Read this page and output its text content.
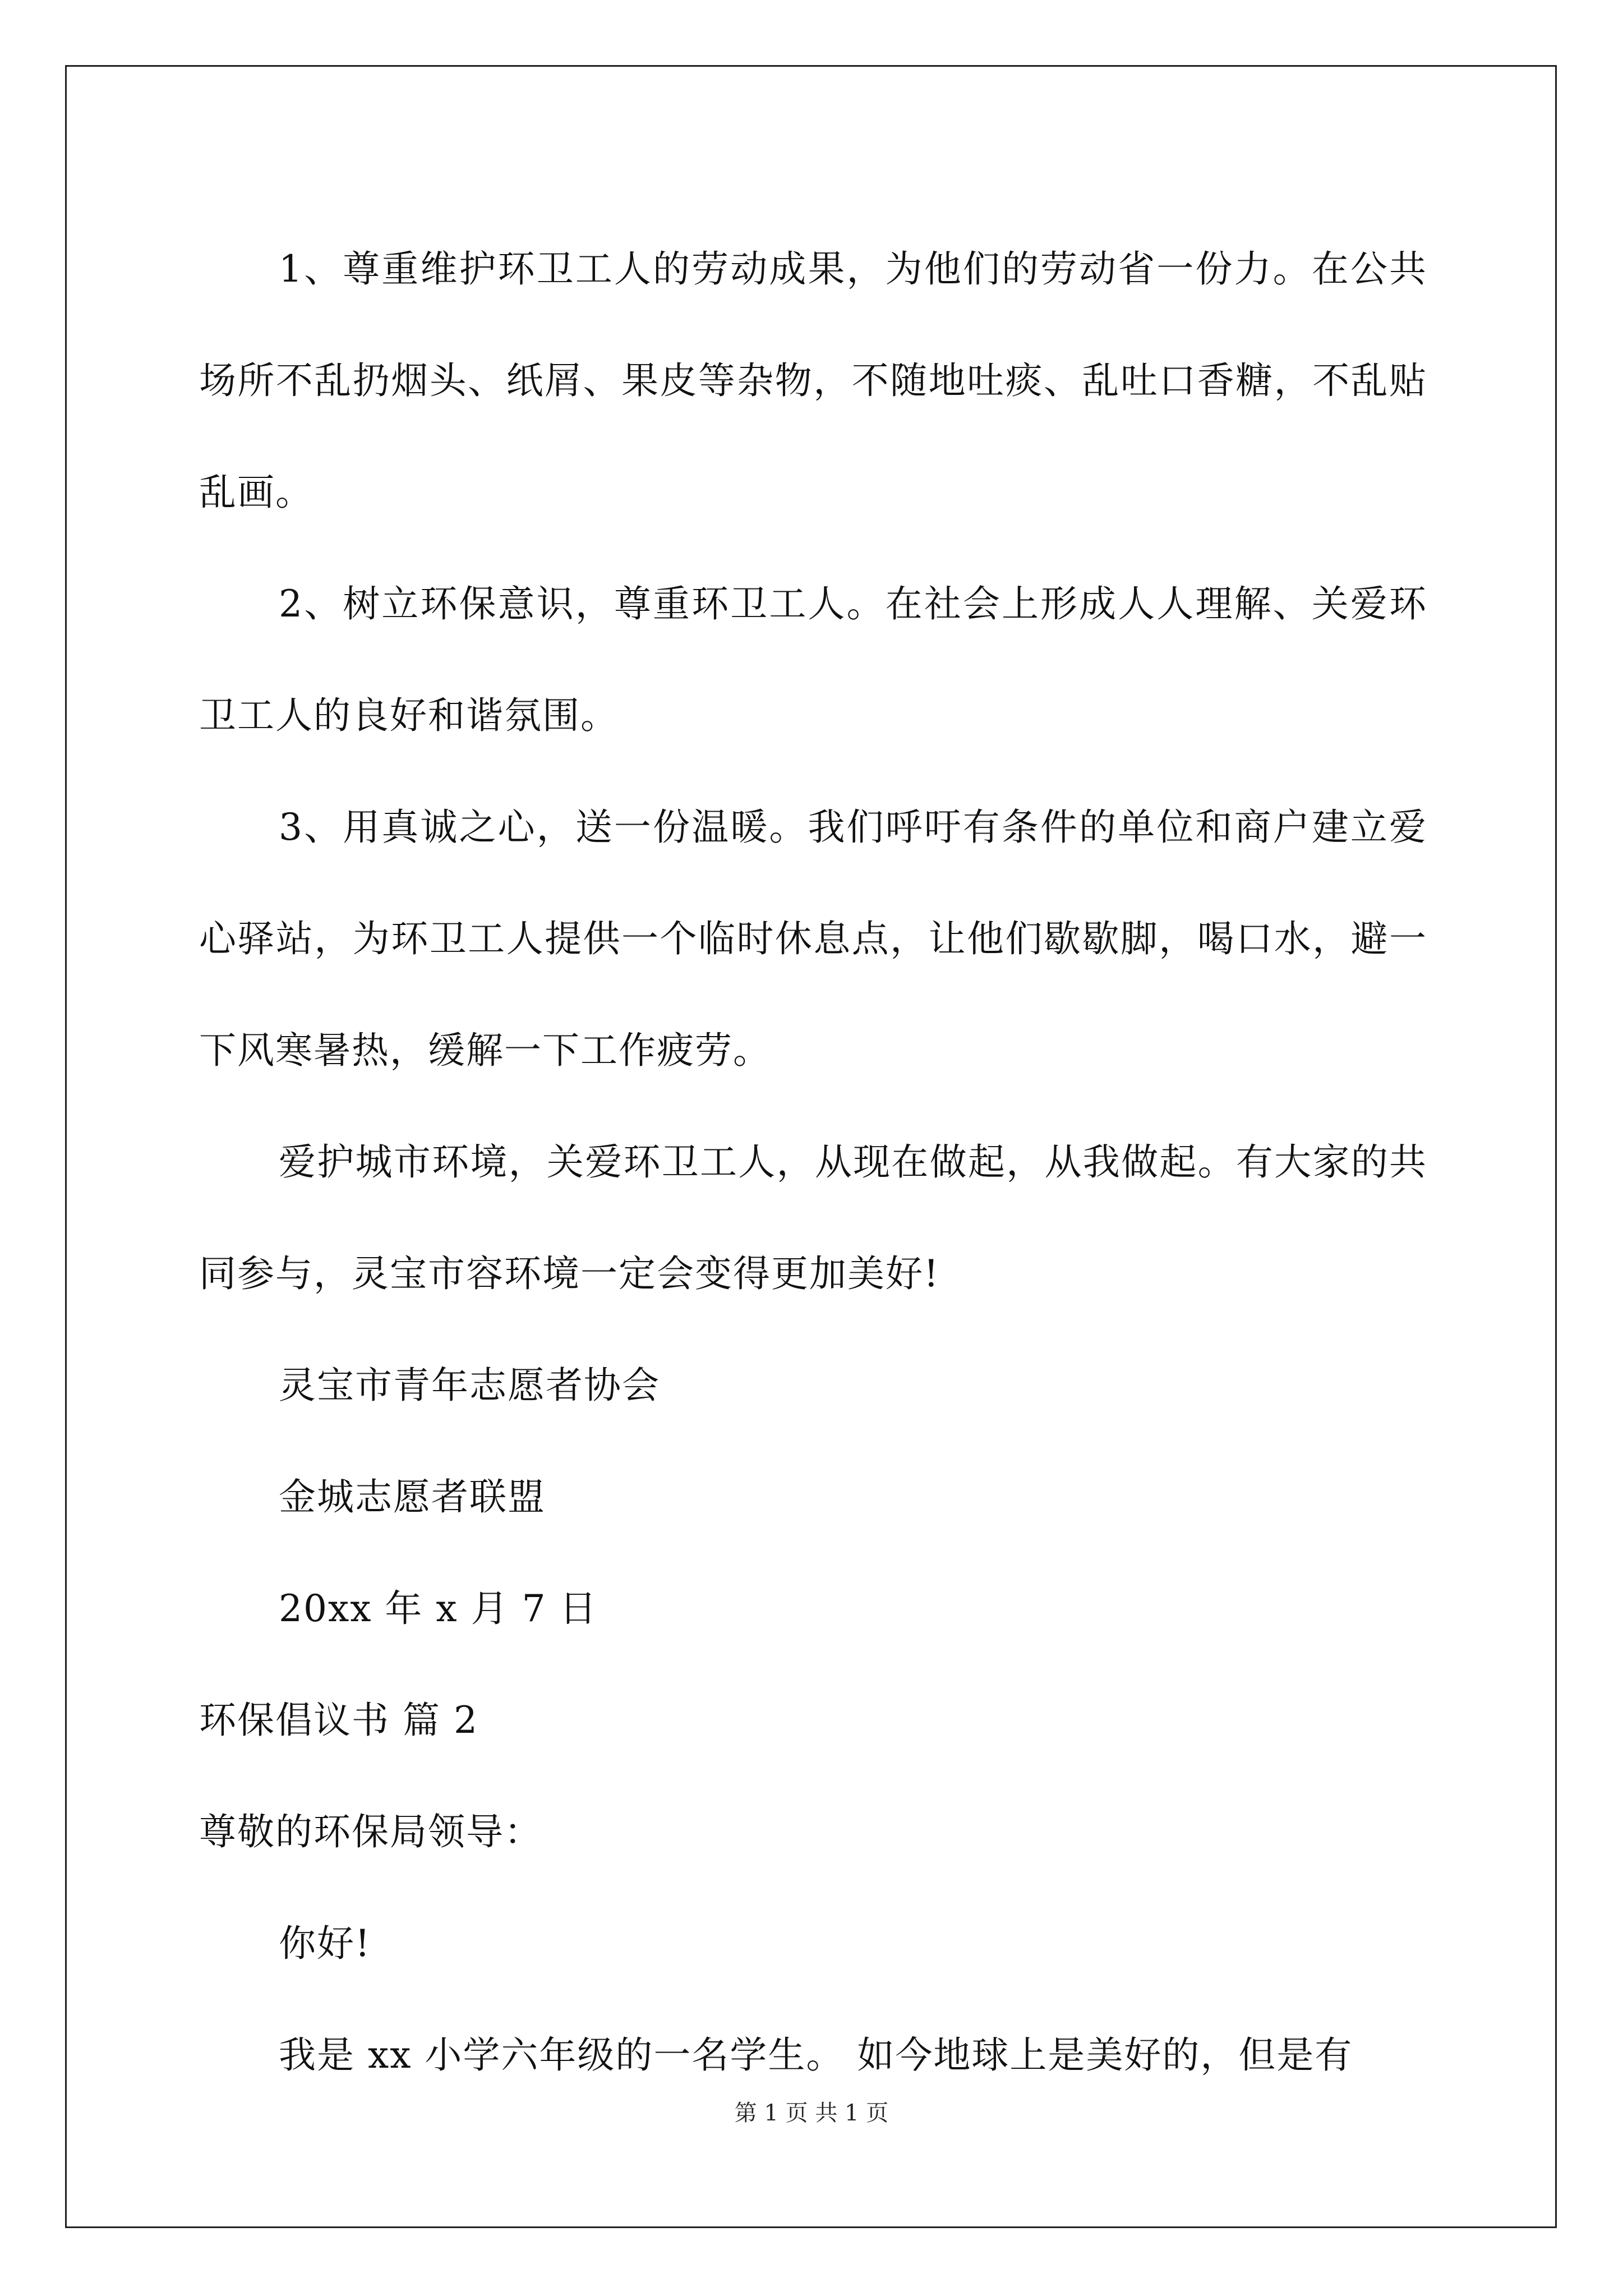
1、尊重维护环卫工人的劳动成果，为他们的劳动省一份力。在公共场所不乱扔烟头、纸屑、果皮等杂物，不随地吐痰、乱吐口香糖，不乱贴乱画。

2、树立环保意识，尊重环卫工人。在社会上形成人人理解、关爱环卫工人的良好和谐氛围。

3、用真诚之心，送一份温暖。我们呼吁有条件的单位和商户建立爱心驿站，为环卫工人提供一个临时休息点，让他们歇歇脚，喝口水，避一下风寒暑热，缓解一下工作疲劳。

爱护城市环境，关爱环卫工人，从现在做起，从我做起。有大家的共同参与，灵宝市容环境一定会变得更加美好!

灵宝市青年志愿者协会

金城志愿者联盟

20xx 年 x 月 7 日

环保倡议书 篇 2

尊敬的环保局领导：

你好!

我是 xx 小学六年级的一名学生。 如今地球上是美好的，但是有

第 1 页 共 1 页
